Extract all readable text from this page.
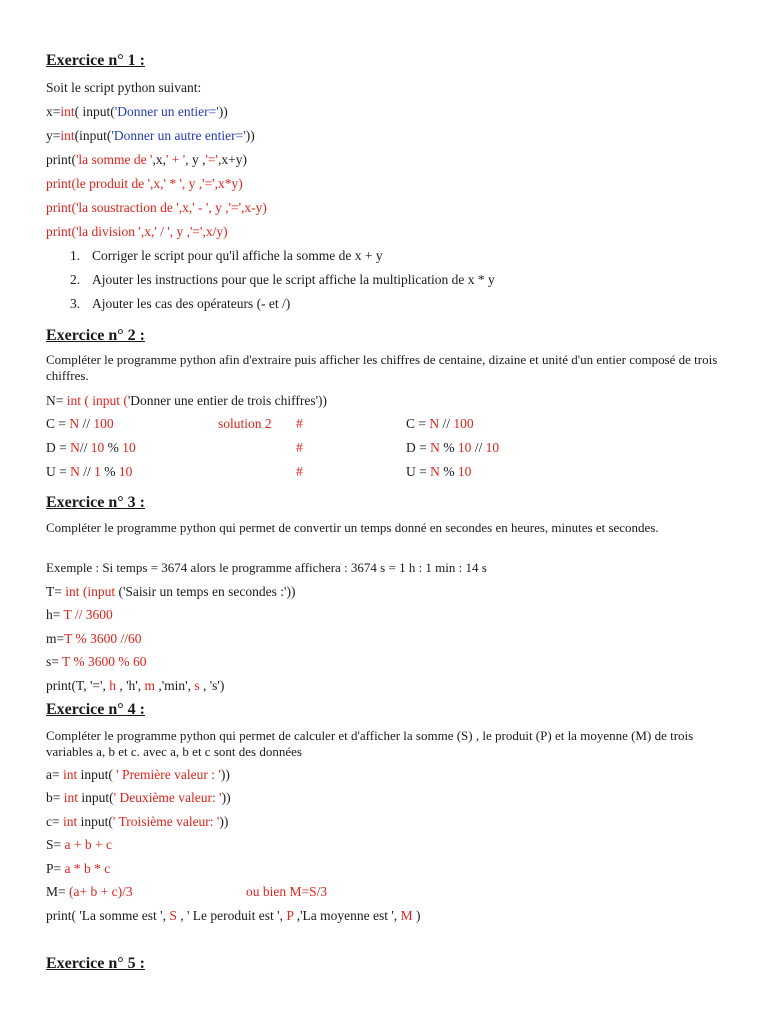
Exercice n° 1 :
Soit le script python suivant:
x=int( input('Donner un entier='))
y=int(input('Donner un autre entier='))
print('la somme de ',x,' + ', y ,'=',x+y)
print(le produit de ',x,' * ', y ,'=',x*y)
print('la soustraction de ',x,' - ', y ,'=',x-y)
print('la division ',x,' / ', y ,'=',x/y)
1. Corriger le script pour qu'il affiche la somme de x + y
2. Ajouter les instructions pour que le script affiche la multiplication de x * y
3. Ajouter les cas des opérateurs (- et /)
Exercice n° 2 :
Compléter le programme python afin d'extraire puis afficher les chiffres de centaine, dizaine et unité d'un entier composé de trois chiffres.
N= int ( input ('Donner une entier de trois chiffres'))
C = N // 100	solution 2 #	C = N // 100
D = N// 10 % 10	#	D = N % 10 // 10
U = N // 1 % 10	#	U = N % 10
Exercice n° 3 :
Compléter le programme python qui permet de convertir un temps donné en secondes en heures, minutes et secondes.
Exemple : Si temps = 3674 alors le programme affichera : 3674 s = 1 h : 1 min : 14 s
T= int (input ('Saisir un temps en secondes :'))
h= T // 3600
m=T % 3600 //60
s= T % 3600 % 60
print(T, '=', h , 'h', m ,'min', s , 's')
Exercice n° 4 :
Compléter le programme python qui permet de calculer et d'afficher la somme (S) , le produit (P) et la moyenne (M) de trois variables a, b et c. avec a, b et c sont des données
a= int input( ' Première valeur : '))
b= int input(' Deuxième valeur: '))
c= int input(' Troisième valeur: '))
S= a + b + c
P= a * b * c
M= (a+ b + c)/3	ou bien M=S/3
print( 'La somme est ', S , ' Le peroduit est ', P ,'La moyenne est ', M )
Exercice n° 5 :
